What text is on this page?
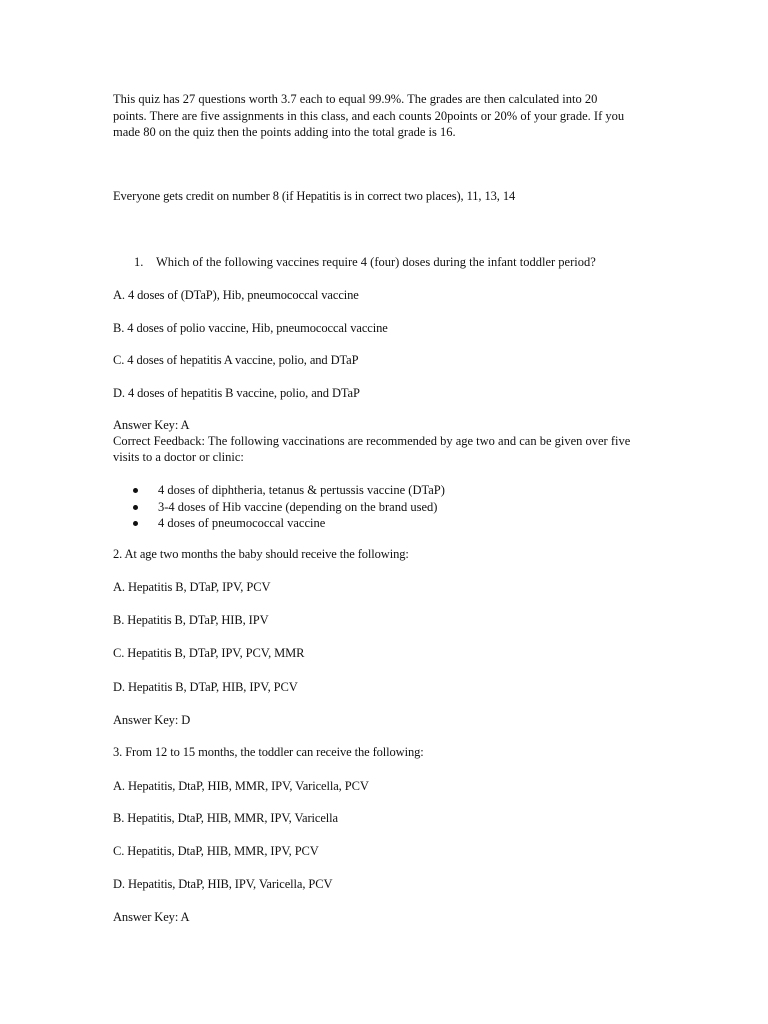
This quiz has 27 questions worth 3.7 each to equal 99.9%. The grades are then calculated into 20
points. There are five assignments in this class, and each counts 20points or 20% of your grade. If you
made 80 on the quiz then the points adding into the total grade is 16.
Everyone gets credit on number 8 (if Hepatitis is in correct two places), 11, 13, 14
1. Which of the following vaccines require 4 (four) doses during the infant toddler period?
A. 4 doses of (DTaP), Hib, pneumococcal vaccine
B. 4 doses of polio vaccine, Hib, pneumococcal vaccine
C. 4 doses of hepatitis A vaccine, polio, and DTaP
D. 4 doses of hepatitis B vaccine, polio, and DTaP
Answer Key: A
Correct Feedback: The following vaccinations are recommended by age two and can be given over five
visits to a doctor or clinic:
4 doses of diphtheria, tetanus & pertussis vaccine (DTaP)
3-4 doses of Hib vaccine (depending on the brand used)
4 doses of pneumococcal vaccine
2. At age two months the baby should receive the following:
A. Hepatitis B, DTaP, IPV, PCV
B. Hepatitis B, DTaP, HIB, IPV
C. Hepatitis B, DTaP, IPV, PCV, MMR
D. Hepatitis B, DTaP, HIB, IPV, PCV
Answer Key: D
3. From 12 to 15 months, the toddler can receive the following:
A. Hepatitis, DtaP, HIB, MMR, IPV, Varicella, PCV
B. Hepatitis, DtaP, HIB, MMR, IPV, Varicella
C. Hepatitis, DtaP, HIB, MMR, IPV, PCV
D. Hepatitis, DtaP, HIB, IPV, Varicella, PCV
Answer Key: A
